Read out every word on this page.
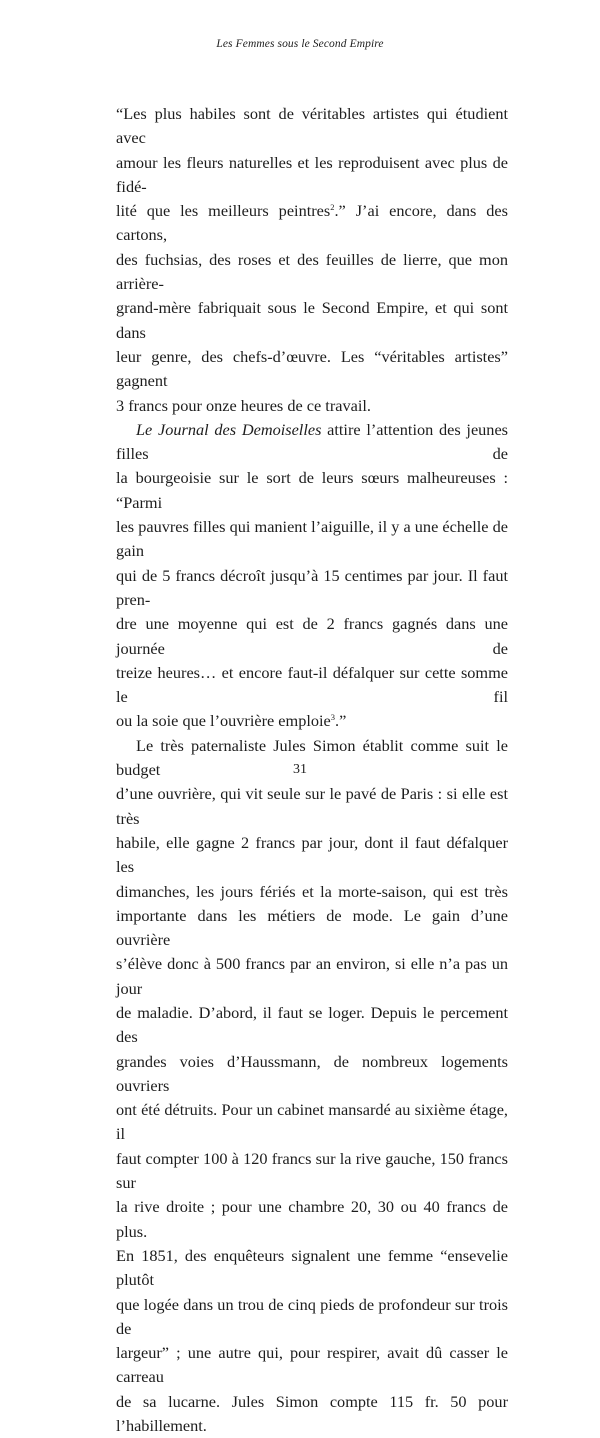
Les Femmes sous le Second Empire
“Les plus habiles sont de véritables artistes qui étudient avec
amour les fleurs naturelles et les reproduisent avec plus de fidé-
lité que les meilleurs peintres$^2$.” J’ai encore, dans des cartons,
des fuchsias, des roses et des feuilles de lierre, que mon arrière-
grand-mère fabriquait sous le Second Empire, et qui sont dans
leur genre, des chefs-d’œuvre. Les “véritables artistes” gagnent
3 francs pour onze heures de ce travail.
Le Journal des Demoiselles attire l’attention des jeunes filles de
la bourgeoisie sur le sort de leurs sœurs malheureuses : “Parmi
les pauvres filles qui manient l’aiguille, il y a une échelle de gain
qui de 5 francs décroît jusqu’à 15 centimes par jour. Il faut pren-
dre une moyenne qui est de 2 francs gagnés dans une journée de
treize heures… et encore faut-il défalquer sur cette somme le fil
ou la soie que l’ouvrière emploie$^3$.”
Le très paternaliste Jules Simon établit comme suit le budget
d’une ouvrière, qui vit seule sur le pavé de Paris : si elle est très
habile, elle gagne 2 francs par jour, dont il faut défalquer les
dimanches, les jours fériés et la morte-saison, qui est très
importante dans les métiers de mode. Le gain d’une ouvrière
s’élève donc à 500 francs par an environ, si elle n’a pas un jour
de maladie. D’abord, il faut se loger. Depuis le percement des
grandes voies d’Haussmann, de nombreux logements ouvriers
ont été détruits. Pour un cabinet mansardé au sixième étage, il
faut compter 100 à 120 francs sur la rive gauche, 150 francs sur
la rive droite ; pour une chambre 20, 30 ou 40 francs de plus.
En 1851, des enquêteurs signalent une femme “ensevelie plutôt
que logée dans un trou de cinq pieds de profondeur sur trois de
largeur” ; une autre qui, pour respirer, avait dû casser le carreau
de sa lucarne. Jules Simon compte 115 fr. 50 pour l’habillement.
31
